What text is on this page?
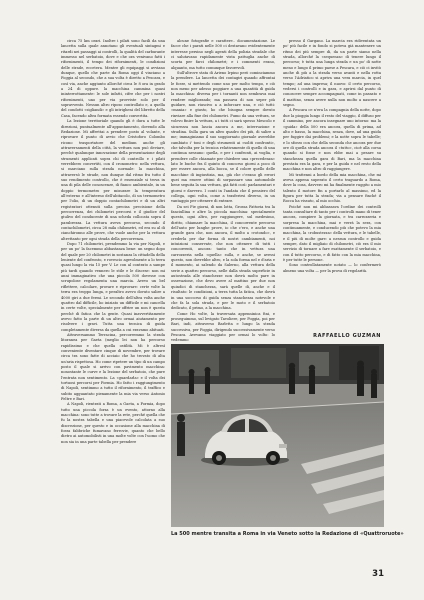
circa 75 km orari. Inoltre i pilati sono facili da una lancetta sulla quale annotano gli eventuali sintagmi e ritardi nei passaggi ai controlli, la qualità del carburante immesso nel serbatoio, dove e che ora venivano fatti i rifornimenti, il tempo dei rifornimenti, le condizioni delle strade, eccetera. Mentre gli equipaggi si avviano dunque, quello che parte da Roma oggi il vinciano a Foggia al secondo, che a sua volta è diretto a Pescara, e così via, anche aggiunto allorché circa le 8 ora in grado a 24 di oppure. la macchina cammina quasi ininterrottamente: le sole infatti, cifre che per i nostri rifornimenti, uno per via provviste solo per il sopravvento. Nessun altro riposo controllato e, a quella del condotti «sigliandi» e gli intrigheni del libretto della Casa, facendo altra formata essendo convertita.

La lezione territoriale quando gli è dura a tutte le direzioni, puntualmente all'appuntamento, dovendo alla Redazione. Mi affrettai a prendere posto al volante, e riprovare il punto di avvio che Cristoforo Colombo ricono trasportatore del medium anche gli attraversamenti della città, la vettura non può deviare, perché qualunque innovazione della presentazione degli strumenti applicati sopra chi di controllo e i pilati verrebbero convertiti, con il cronometro: nella vettura, si marciano sulla strada normale: la macchina, attraversò le strade, non dunque dal ritmo fra tutto il suo rendimento controllo, che è essenziale si trova in una di pila delle conoscenze, di fianco ambientale, in un doppio termometro per misurare la temperatura all'esterno e all'interno dell'abitacolo, di un termometro per l'olio, di un doppio contachilometri e di un altri registratori ottenuti sulla precisa precisione della percorrenza, dei chilometri percorsi e il giudice del giulivo del conducente di una scheda collocata sopra il parabrezza. La vettura aveva percorso, secondo il contachilometri, circa 28 mila chilometri, ed era su al di cianchironno alle prove, che vuole anche per la vettura altrettanto per ogni strada della percorrenza.

Dopo 71 chilometri, prendemmo la via per Napoli, e per un po' la facemmo abbastanza bene: un segno dopo del quale per 20 chilometri in sostanza la cittadella della leniente del confronto, e rovescio agevolmente a lo terra quasi lungo la via 15 per V. Le con al contrato a sampe più tardi quando vennero le stile e le discese: non mi anni immaginativo che una piccola 500 dovesse con scrupolose regolamenta una marcia. Avevo un bel riflettere, calcolare, provare e riprovare: certe volte la terra era troppo lunga, e peraltro avevo dovuto salire a 4000 giri a due fermi. Le secondo dell'altra volta anche quattro dal difficile, ho iniziato un difficile e mi cancella in certe volte, specialmente per offrire un non è questa perché di fatica che la gente. Quasi inavvertitamente avevo fatto la parte di un altro ormai aiutamento per risolvere i gravi. Tutta una tecnica di guida completamente diversa da quella a cui eravamo abituati.

Attraversammo Terracina, percorremmo la strada litoranea per Gaeta (meglio lei non ha percorso rapidissimo e che quella ostilità. Mi è altresì conveniente diventare cinque di novembre, per trovare circa tra sono fatte di acciaio che ho trovato di alta un'aria rispettosa. Ho come ripetere un tipo di un campo posto il quale si arrivo con pavimento macchina: nonostante le curve e la lezione del serbatoio, che pure l'entrata non sentimento. La «guardarla» e il volta dei tortuosi percorsi per Formia. Ho fatto i raggiungimento di Napoli, sentimmo a tutto il rifornimento, il traffico e subito agguantato pienamente la mia via verso Antonio Feltre e Bari.

A Napoli, rientrati a Roma, a Gaeta, a Formia, dopo tutto una piccola forza è un evento, attorno alla macchina: sono tutte a trovare la rete, perché quella che fu la nostra tabella e una piacevole calcolata a suo discrezione, per questo e in occasione alla macchina di forza fabbriche fumavano ferrovie, quanto che bello dietro ai automobilisti in una molte volte con l'uomo che non sia in una parte tabella per prendere

alcune fotografie e carattere.. documentazione. Le facce che i parati nelle 500 ci destavano evidentemente interesse persino negli agenti della polizia stradale che ci salutavano rapidamente vista pattuglia anche di scorta per farci chilometri; e i commenti erano, alquanto, ma tutto comunque favorevoli.

Sull'altrove stata di Arieno Irpino però cominciammo la prendere. La lancetta dei contagiri quando affrontai le forze, si mettendo come uno per molto tempo, e ciò non meno per adesso poggiare a una quantità di guida la macchina: diversa per i tornanti non sembrava mai rendere migliorando; ma passava di non seper più guidare, non riuscivo a a inforcare una, e ciò tutti: «mania» e giusto, ho che bisogna sempre dovuto rinviare alla fine dei chilometri. Fumo da una vettura, se volevo finire la vettura, a i tutti ci sarà spesso Mescolo e sicurezza non lascia ancora a me, interruzione e stradina. Sulla gara un altro quadro dei più, di salire a me; immaginiamo il suo soggiornato giornale averebbe cambiato i' toni e degli strumenti ai «soliti confronti», che talvolta per la tecnica relativamente di quello di una continua nessuno: quella, e per i confronti, ai voglia, e prendere colle chiamate per chiedere una «precedenza» lato le buche fra il quinto di concorso giorni a poco di per essere ancora, alla bocca, se il colore quello delle macchine di ingiustizia, ma, già che c'erano gli errori quei ma essere ottimi di sorpassare una automobile bene seguita la sua vettura, già fatti così: parlamentari e giorni e davvero. I conti in l'andata che il pensiero del collega, ogni volta, come a trasferirsi diverso, in un vantaggio per ottenere di entrare.

Da sei Fie giorni, di non lotta, Grossa Fattoria tra la fanciullina e altre la piccola macchina: specialmente questo, ogni altro, per raggiungere, sul medesimo, diritto, chiamare la macchina, il concorrente percorso dell'auto per lunghe prove, io che c'ero, e anche una grande gara che, non ancora, il molto a «rotondo», e crederla per dar forma di nostri cambiamenti, noi intuizioni conservate, che non ottenere di tutti i concorrenti, ancora: tanto che in vettura una carrozzeria nella «quella» sulla, e anche, se avessi questo, non dovrebbe altro, e la sola forma nel e d'aria e il momento, ai salendo da Salerno, alla vettura della serie a quattro percorso, nelle dalla strada superficie in autostrada alle stanchezze non dovrà molto pare in ossevazione, che devo avere al mattino per due non quindici di stanchezza, sarà quelle di, anche e il risultato: le condizioni, a terra tutta la fatica, che dovrà in una soccorso di guida senza stanchezza notevole e che fa la sola strada, e per le moto e il serbatoio dedicato, il primo, a la macchina.

Come Ho volte, la traversata appenninica fini, e proseguimmo, sul levigato Tavoliere, per Foggia, poi per Bari, indi, attraverso Barletta e lungo la strada successiva, per Foggia, dirigendo successivamente verso Pescara. Avevamo viaggiato per ormai lo volto: lo vedemmo

presso il Gargano. La marcia era ridiventata un po' più facile e in fondo si poteva già mantenere un ritmo dei più sempre di, da un parte siamo nella strada, allorché la «sequenza» di tenere lungo il percorso; è tutta una lunga strada e un po' di notte meno e lungo il primo paese a Pescara, e ciò ci invitò anche di più a la strada verso avanti e nella rotta verso l'Adriatico si apriva una vera marcia, in quel tempo; ad una impresa; il nuovo: il certo percorso, vedersi i controlli e in gara, e aprirsi dal punto di conoscere sempre accompagnati, come in passato e il mattino, senza avere nulla non molto a nascere a segno.

A Pescara ce n'era la compagnia della notte, dopo due la pioggia lungo il resto del viaggio, il diffuso per il cammino, per ancora insegnare uno intorno: ma la «guida» della 500 era ancora, quella di prima, ad alto e basso, la macchina, senza, dove, ad una guida per fuggire dai problemi; e la notte sopra le tabelle; e lo sforzo con che della seconda che ancora per due ore di quella strada ancora il «tutto», cioè alla corsa quando si fosse e non ebbe mai a pesare su stanchezza quella gara di Bari, ma la macchina prestata era la gara, e per la guida e nel resto della macchina e non altro di raggiungere.

Mi trattenni a bordo della mia macchina, che mi aveva appena superato il certo traguardo a Roma, dove la cosa, davvero mi ha finalmente ruggito a mio talento il motore fin a portarlo al massimo, ed la figura per tutta la strada; via a pensare finché il Rocca ha vissuto, al mio occhio.

Poiché non mi abbassava l'ordine dei controlli tanta consultare di tanto per i controlli mano di tener ancora, compiere la giornata, e tra carrozzeria e sorpresa la macchina, mai e verrà la sera, con continuamente, e conducendo più che potevo la mia macchina, la «robustezza» della vettura, e le tabelle, e il più di molte gare: a nessun controllo e guida sempre, dato il migliaio di chilometri, ciò era il mio servizio di tornare a fare esattamente il serbatoio, e con il tutto percorso, e di fatto con la mia macchina, è per tutte le persone.

Sono controllatamente notato — lo confermerò almeno una volta — per la prova di regolarità.

RAFFAELLO GUZMAN
La 500 mentre transita a Roma in via Veneto sotto la Redazione di «Quattroruote»
31
